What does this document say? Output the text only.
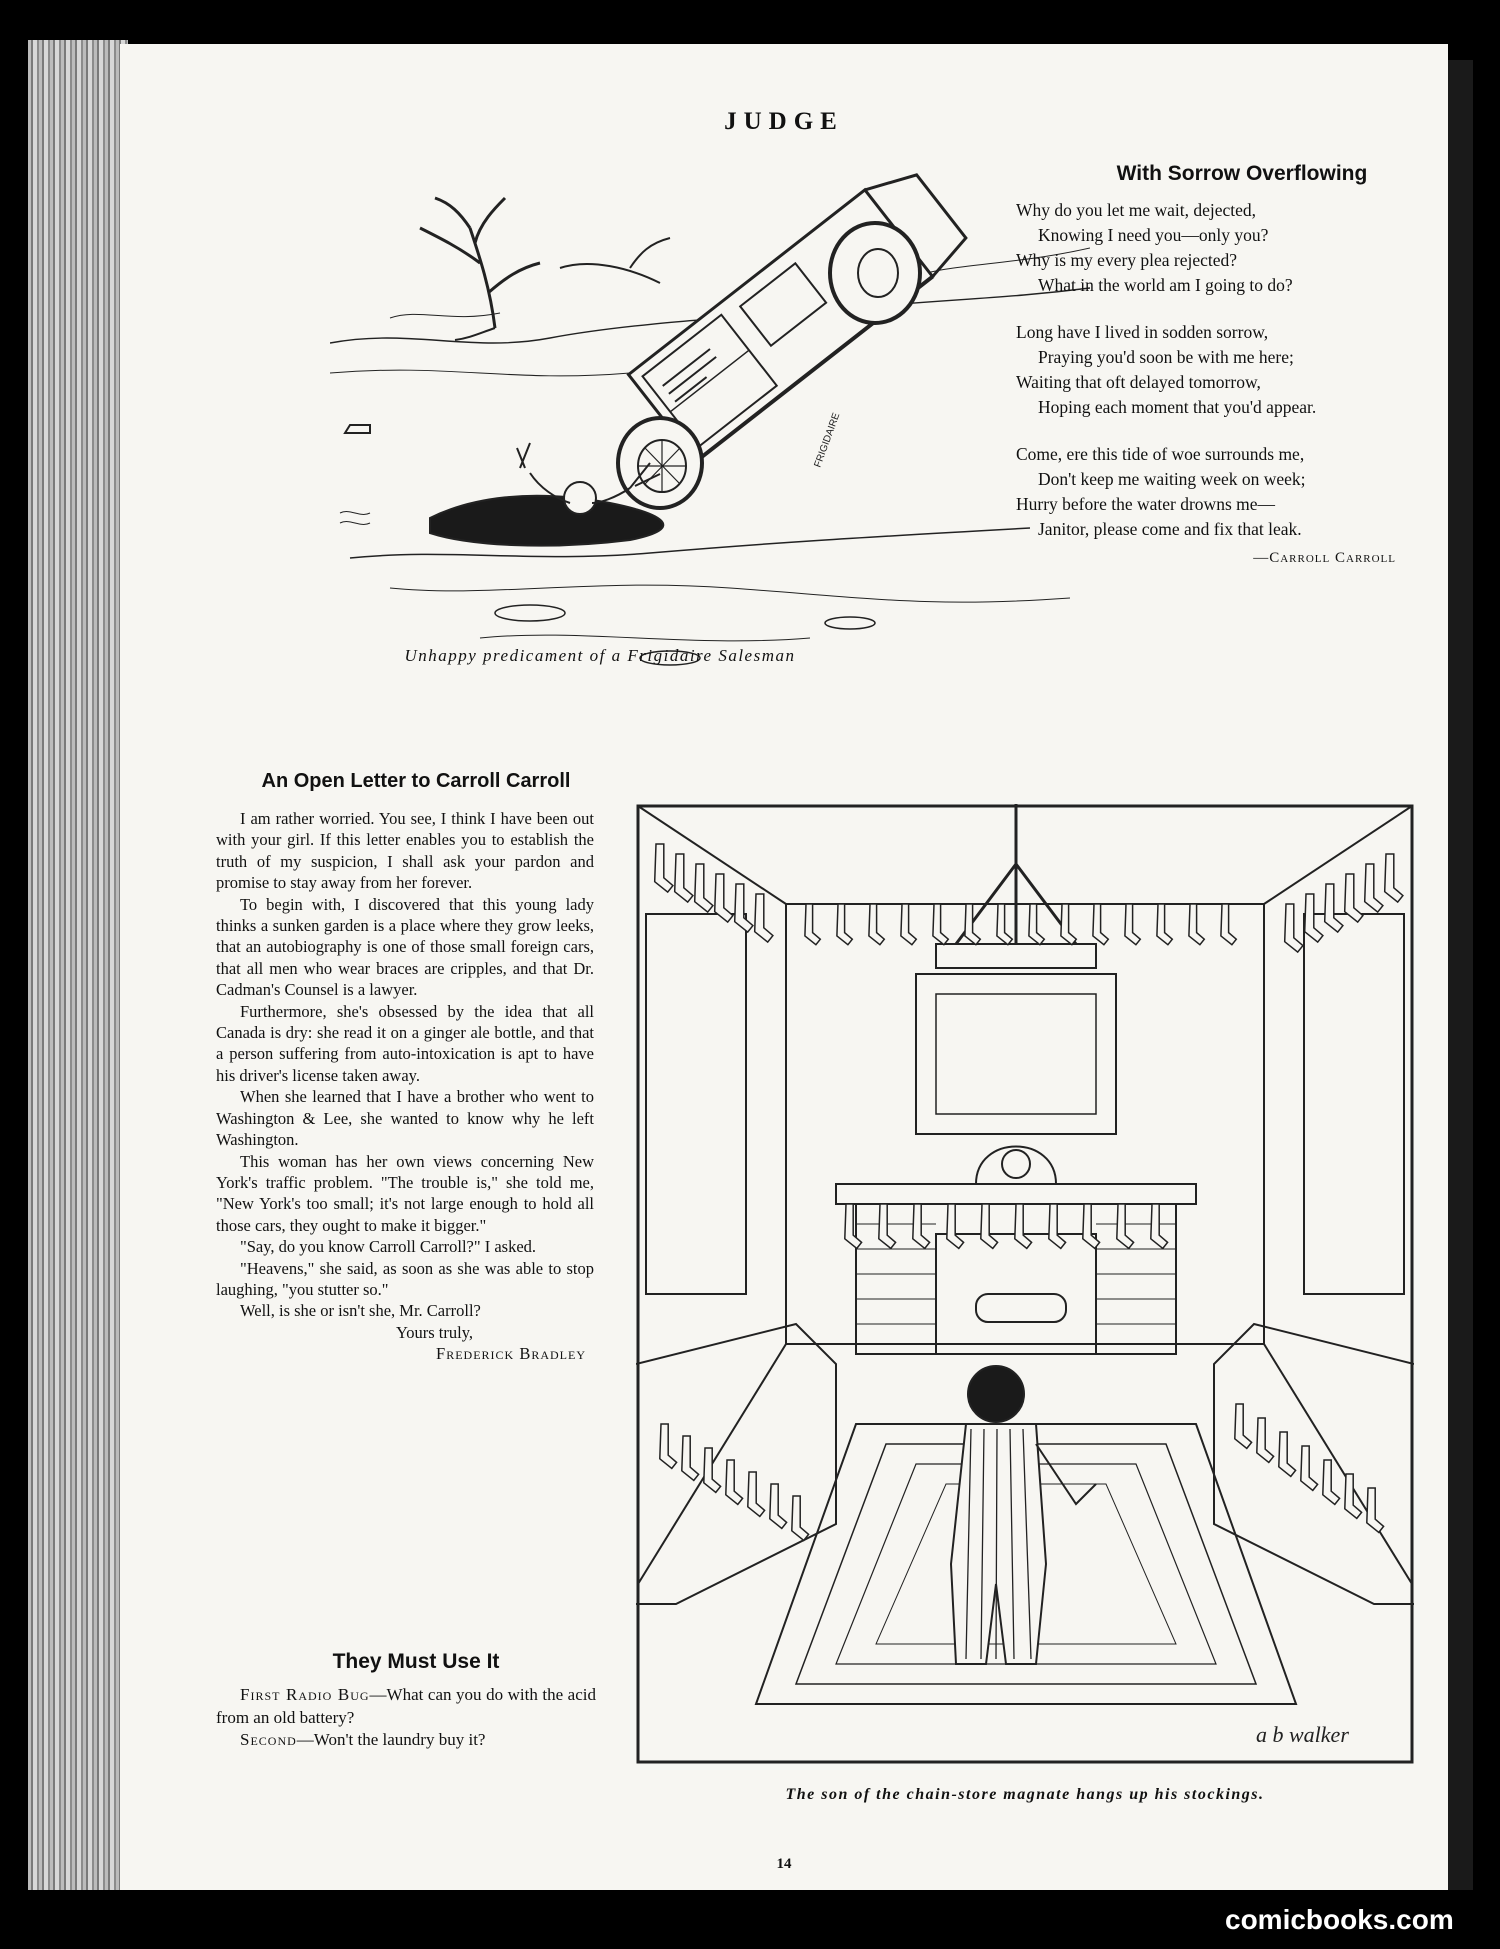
JUDGE
FRIGIDAIRE
Unhappy predicament of a Frigidaire Salesman
With Sorrow Overflowing

Why do you let me wait, dejected,

Knowing I need you—only you?

Why is my every plea rejected?

What in the world am I going to do?

Long have I lived in sodden sorrow,

Praying you'd soon be with me here;

Waiting that oft delayed tomorrow,

Hoping each moment that you'd appear.

Come, ere this tide of woe surrounds me,

Don't keep me waiting week on week;

Hurry before the water drowns me—

Janitor, please come and fix that leak.

—Carroll Carroll

An Open Letter to Carroll Carroll

I am rather worried. You see, I think I have been out with your girl. If this letter enables you to establish the truth of my suspicion, I shall ask your pardon and promise to stay away from her forever.

To begin with, I discovered that this young lady thinks a sunken garden is a place where they grow leeks, that an autobiography is one of those small foreign cars, that all men who wear braces are cripples, and that Dr. Cadman's Counsel is a lawyer.

Furthermore, she's obsessed by the idea that all Canada is dry: she read it on a ginger ale bottle, and that a person suffering from auto-intoxication is apt to have his driver's license taken away.

When she learned that I have a brother who went to Washington & Lee, she wanted to know why he left Washington.

This woman has her own views concerning New York's traffic problem. "The trouble is," she told me, "New York's too small; it's not large enough to hold all those cars, they ought to make it bigger."

"Say, do you know Carroll Carroll?" I asked.

"Heavens," she said, as soon as she was able to stop laughing, "you stutter so."

Well, is she or isn't she, Mr. Carroll?

Yours truly,

Frederick Bradley

They Must Use It

First Radio Bug—What can you do with the acid from an old battery?

Second—Won't the laundry buy it?	a b walker
The son of the chain-store magnate hangs up his stockings.
14
comicbooks.com
